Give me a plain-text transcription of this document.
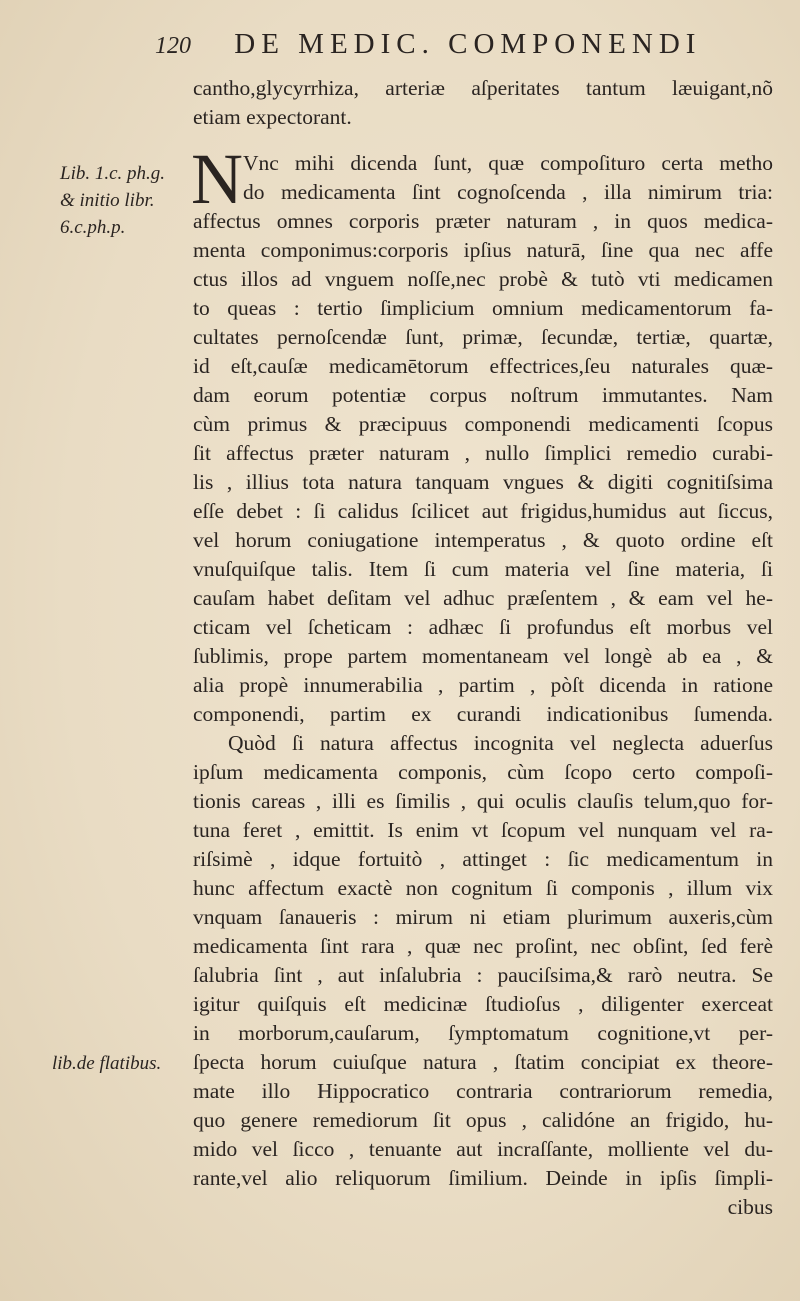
120 DE MEDIC. COMPONENDI
N
cantho,glycyrrhiza, arteriæ aſperitates tantum læuigant,nõ
etiam expectorant.
Vnc mihi dicenda ſunt, quæ compoſituro certa metho
do medicamenta ſint cognoſcenda , illa nimirum tria:
affectus omnes corporis præter naturam , in quos medica-
menta componimus:corporis ipſius naturā, ſine qua nec affe
ctus illos ad vnguem noſſe,nec probè & tutò vti medicamen
to queas : tertio ſimplicium omnium medicamentorum fa-
cultates pernoſcendæ ſunt, primæ, ſecundæ, tertiæ, quartæ,
id eſt,cauſæ medicamētorum effectrices,ſeu naturales quæ-
dam eorum potentiæ corpus noſtrum immutantes. Nam
cùm primus & præcipuus componendi medicamenti ſcopus
ſit affectus præter naturam , nullo ſimplici remedio curabi-
lis , illius tota natura tanquam vngues & digiti cognitiſsima
eſſe debet : ſi calidus ſcilicet aut frigidus,humidus aut ſiccus,
vel horum coniugatione intemperatus , & quoto ordine eſt
vnuſquiſque talis. Item ſi cum materia vel ſine materia, ſi
cauſam habet deſitam vel adhuc præſentem , & eam vel he-
cticam vel ſcheticam : adhæc ſi profundus eſt morbus vel
ſublimis, prope partem momentaneam vel longè ab ea , &
alia propè innumerabilia , partim , pòſt dicenda in ratione
componendi, partim ex curandi indicationibus ſumenda.
Quòd ſi natura affectus incognita vel neglecta aduerſus
ipſum medicamenta componis, cùm ſcopo certo compoſi-
tionis careas , illi es ſimilis , qui oculis clauſis telum,quo for-
tuna feret , emittit. Is enim vt ſcopum vel nunquam vel ra-
riſsimè , idque fortuitò , attinget : ſic medicamentum in
hunc affectum exactè non cognitum ſi componis , illum vix
vnquam ſanaueris : mirum ni etiam plurimum auxeris,cùm
medicamenta ſint rara , quæ nec proſint, nec obſint, ſed ferè
ſalubria ſint , aut inſalubria : pauciſsima,& rarò neutra. Se
igitur quiſquis eſt medicinæ ſtudioſus , diligenter exerceat
in morborum,cauſarum, ſymptomatum cognitione,vt per-
ſpecta horum cuiuſque natura , ſtatim concipiat ex theore-
mate illo Hippocratico contraria contrariorum remedia,
quo genere remediorum ſit opus , calidóne an frigido, hu-
mido vel ſicco , tenuante aut incraſſante, molliente vel du-
rante,vel alio reliquorum ſimilium. Deinde in ipſis ſimpli-
cibus
Lib. 1.c. ph.g.
& initio libr.
6.c.ph.p.
lib.de flatibus.
